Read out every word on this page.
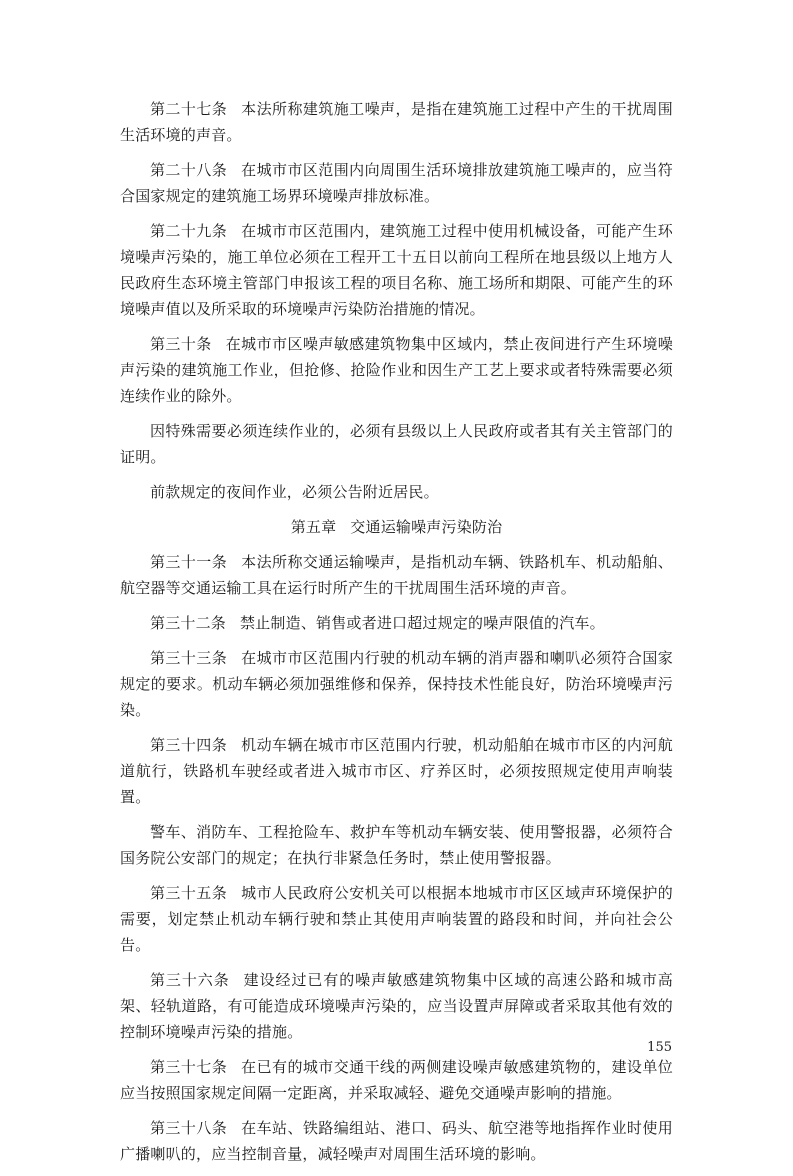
第二十七条 本法所称建筑施工噪声，是指在建筑施工过程中产生的干扰周围生活环境的声音。

第二十八条 在城市市区范围内向周围生活环境排放建筑施工噪声的，应当符合国家规定的建筑施工场界环境噪声排放标准。

第二十九条 在城市市区范围内，建筑施工过程中使用机械设备，可能产生环境噪声污染的，施工单位必须在工程开工十五日以前向工程所在地县级以上地方人民政府生态环境主管部门申报该工程的项目名称、施工场所和期限、可能产生的环境噪声值以及所采取的环境噪声污染防治措施的情况。

第三十条 在城市市区噪声敏感建筑物集中区域内，禁止夜间进行产生环境噪声污染的建筑施工作业，但抢修、抢险作业和因生产工艺上要求或者特殊需要必须连续作业的除外。

因特殊需要必须连续作业的，必须有县级以上人民政府或者其有关主管部门的证明。

前款规定的夜间作业，必须公告附近居民。

第五章 交通运输噪声污染防治

第三十一条 本法所称交通运输噪声，是指机动车辆、铁路机车、机动船舶、航空器等交通运输工具在运行时所产生的干扰周围生活环境的声音。

第三十二条 禁止制造、销售或者进口超过规定的噪声限值的汽车。

第三十三条 在城市市区范围内行驶的机动车辆的消声器和喇叭必须符合国家规定的要求。机动车辆必须加强维修和保养，保持技术性能良好，防治环境噪声污染。

第三十四条 机动车辆在城市市区范围内行驶，机动船舶在城市市区的内河航道航行，铁路机车驶经或者进入城市市区、疗养区时，必须按照规定使用声响装置。

警车、消防车、工程抢险车、救护车等机动车辆安装、使用警报器，必须符合国务院公安部门的规定；在执行非紧急任务时，禁止使用警报器。

第三十五条 城市人民政府公安机关可以根据本地城市市区区域声环境保护的需要，划定禁止机动车辆行驶和禁止其使用声响装置的路段和时间，并向社会公告。

第三十六条 建设经过已有的噪声敏感建筑物集中区域的高速公路和城市高架、轻轨道路，有可能造成环境噪声污染的，应当设置声屏障或者采取其他有效的控制环境噪声污染的措施。

第三十七条 在已有的城市交通干线的两侧建设噪声敏感建筑物的，建设单位应当按照国家规定间隔一定距离，并采取减轻、避免交通噪声影响的措施。

第三十八条 在车站、铁路编组站、港口、码头、航空港等地指挥作业时使用广播喇叭的，应当控制音量，减轻噪声对周围生活环境的影响。

155
